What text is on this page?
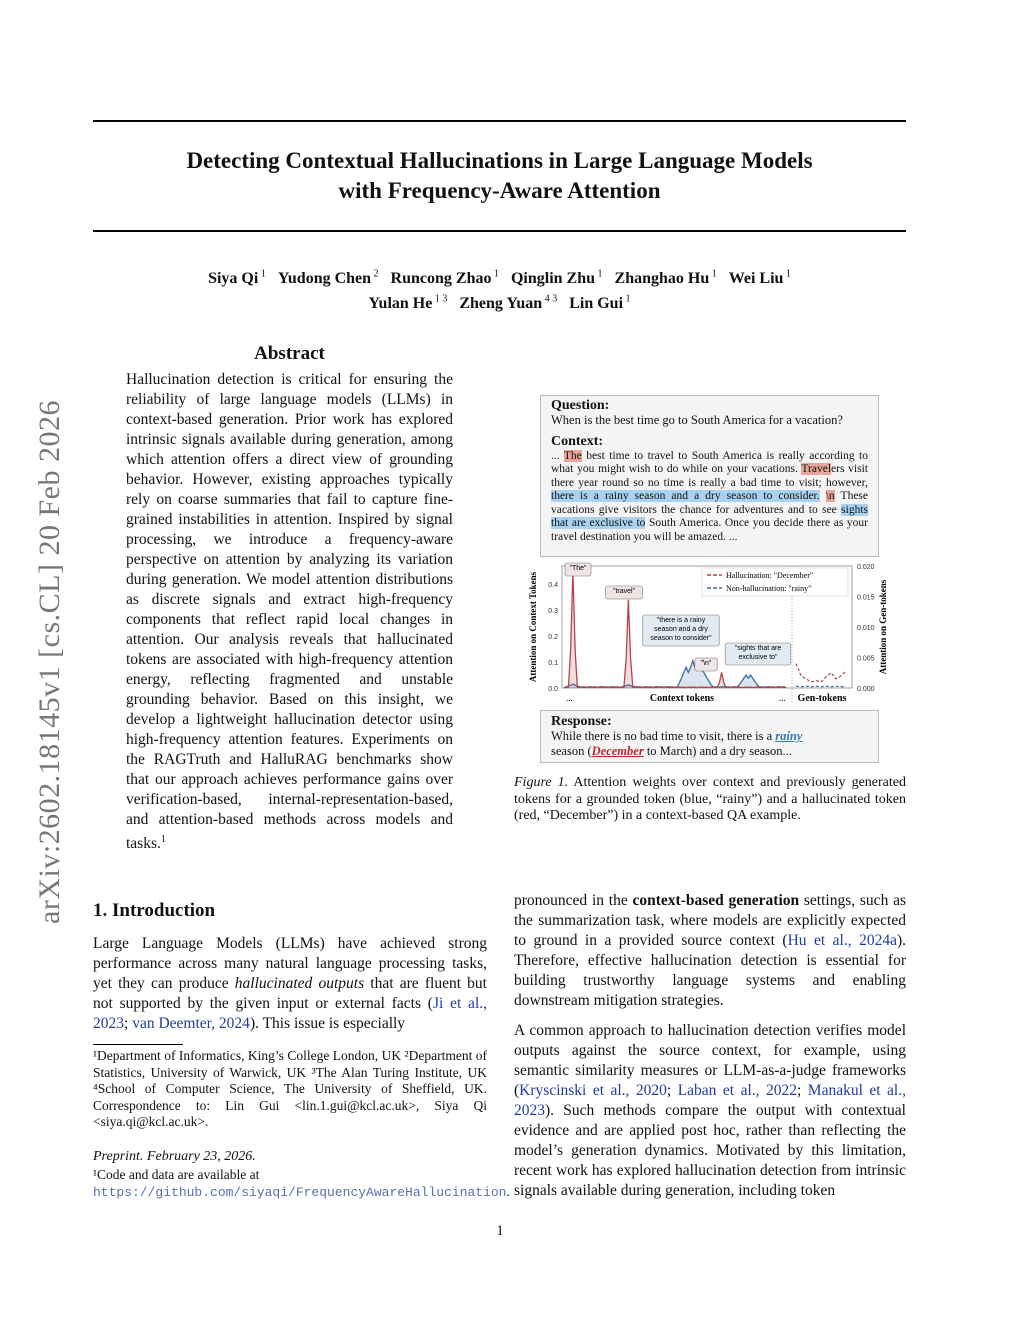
arXiv:2602.18145v1 [cs.CL] 20 Feb 2026
Detecting Contextual Hallucinations in Large Language Models
with Frequency-Aware Attention
Siya Qi $^1$ Yudong Chen $^2$ Runcong Zhao $^1$ Qinglin Zhu $^1$ Zhanghao Hu $^1$ Wei Liu $^1$
Yulan He $^{1 3}$ Zheng Yuan $^{4 3}$ Lin Gui $^1$
Abstract
Hallucination detection is critical for ensuring the reliability of large language models (LLMs) in context-based generation. Prior work has explored intrinsic signals available during generation, among which attention offers a direct view of grounding behavior. However, existing approaches typically rely on coarse summaries that fail to capture fine-grained instabilities in attention. Inspired by signal processing, we introduce a frequency-aware perspective on attention by analyzing its variation during generation. We model attention distributions as discrete signals and extract high-frequency components that reflect rapid local changes in attention. Our analysis reveals that hallucinated tokens are associated with high-frequency attention energy, reflecting fragmented and unstable grounding behavior. Based on this insight, we develop a lightweight hallucination detector using high-frequency attention features. Experiments on the RAGTruth and HalluRAG benchmarks show that our approach achieves performance gains over verification-based, internal-representation-based, and attention-based methods across models and tasks.$^1$
1. Introduction
Large Language Models (LLMs) have achieved strong performance across many natural language processing tasks, yet they can produce hallucinated outputs that are fluent but not supported by the given input or external facts (Ji et al., 2023; van Deemter, 2024). This issue is especially
¹Department of Informatics, King’s College London, UK ²Department of Statistics, University of Warwick, UK ³The Alan Turing Institute, UK ⁴School of Computer Science, The University of Sheffield, UK. Correspondence to: Lin Gui <lin.1.gui@kcl.ac.uk>, Siya Qi <siya.qi@kcl.ac.uk>.
Preprint. February 23, 2026.
¹Code and data are available at https://github.com/siyaqi/FrequencyAwareHallucination.
Question:
When is the best time go to South America for a vacation?
Context:
... The best time to travel to South America is really according to what you might wish to do while on your vacations. Travelers visit there year round so no time is really a bad time to visit; however, there is a rainy season and a dry season to consider. \n These vacations give visitors the chance for adventures and to see sights that are exclusive to South America. Once you decide there as your travel destination you will be amazed. ...
0.0
0.1
0.2
0.3
0.4
0.000
0.005
0.010
0.015
0.020
Attention on Context Tokens	Attention on Gen-tokens
Context tokens	Gen-tokens
...	...
"The"
"travel"
"there is a rainy
season and a dry
season to consider"
"\n"
"sights that are
exclusive to"
Hallucination: "December"
Non-hallucination: "rainy"
Response:
While there is no bad time to visit, there is a rainy
season (December to March) and a dry season...
Figure 1. Attention weights over context and previously generated tokens for a grounded token (blue, “rainy”) and a hallucinated token (red, “December”) in a context-based QA example.
pronounced in the context-based generation settings, such as the summarization task, where models are explicitly expected to ground in a provided source context (Hu et al., 2024a). Therefore, effective hallucination detection is essential for building trustworthy language systems and enabling downstream mitigation strategies.
A common approach to hallucination detection verifies model outputs against the source context, for example, using semantic similarity measures or LLM-as-a-judge frameworks (Kryscinski et al., 2020; Laban et al., 2022; Manakul et al., 2023). Such methods compare the output with contextual evidence and are applied post hoc, rather than reflecting the model’s generation dynamics. Motivated by this limitation, recent work has explored hallucination detection from intrinsic signals available during generation, including token
1
